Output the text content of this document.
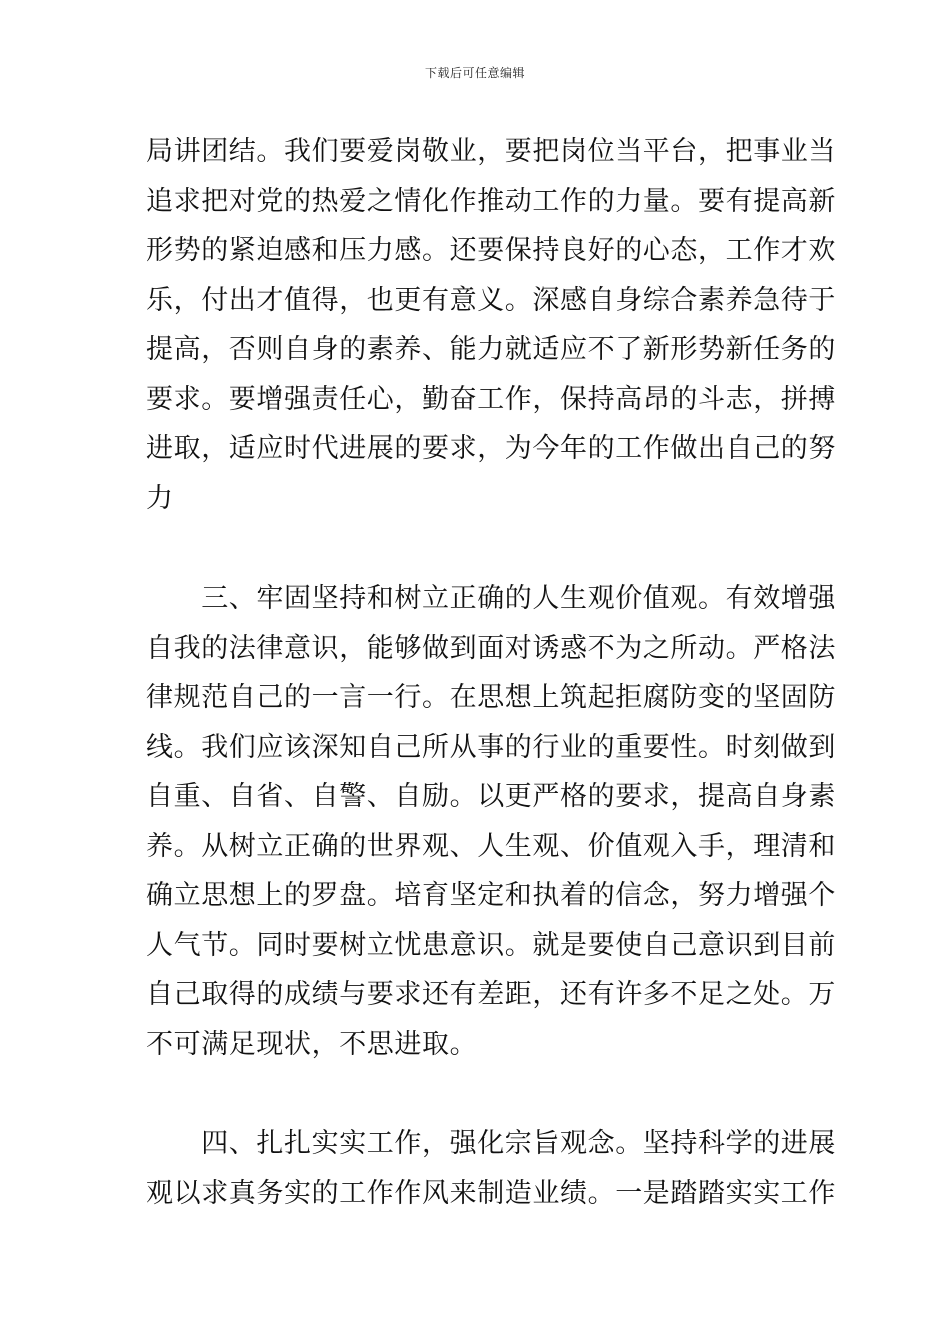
下载后可任意编辑
局讲团结。我们要爱岗敬业，要把岗位当平台，把事业当
追求把对党的热爱之情化作推动工作的力量。要有提高新
形势的紧迫感和压力感。还要保持良好的心态，工作才欢
乐，付出才值得，也更有意义。深感自身综合素养急待于
提高，否则自身的素养、能力就适应不了新形势新任务的
要求。要增强责任心，勤奋工作，保持高昂的斗志，拼搏
进取，适应时代进展的要求，为今年的工作做出自己的努
力
　　三、牢固坚持和树立正确的人生观价值观。有效增强
自我的法律意识，能够做到面对诱惑不为之所动。严格法
律规范自己的一言一行。在思想上筑起拒腐防变的坚固防
线。我们应该深知自己所从事的行业的重要性。时刻做到
自重、自省、自警、自励。以更严格的要求，提高自身素
养。从树立正确的世界观、人生观、价值观入手，理清和
确立思想上的罗盘。培育坚定和执着的信念，努力增强个
人气节。同时要树立忧患意识。就是要使自己意识到目前
自己取得的成绩与要求还有差距，还有许多不足之处。万
不可满足现状，不思进取。
　　四、扎扎实实工作，强化宗旨观念。坚持科学的进展
观以求真务实的工作作风来制造业绩。一是踏踏实实工作
